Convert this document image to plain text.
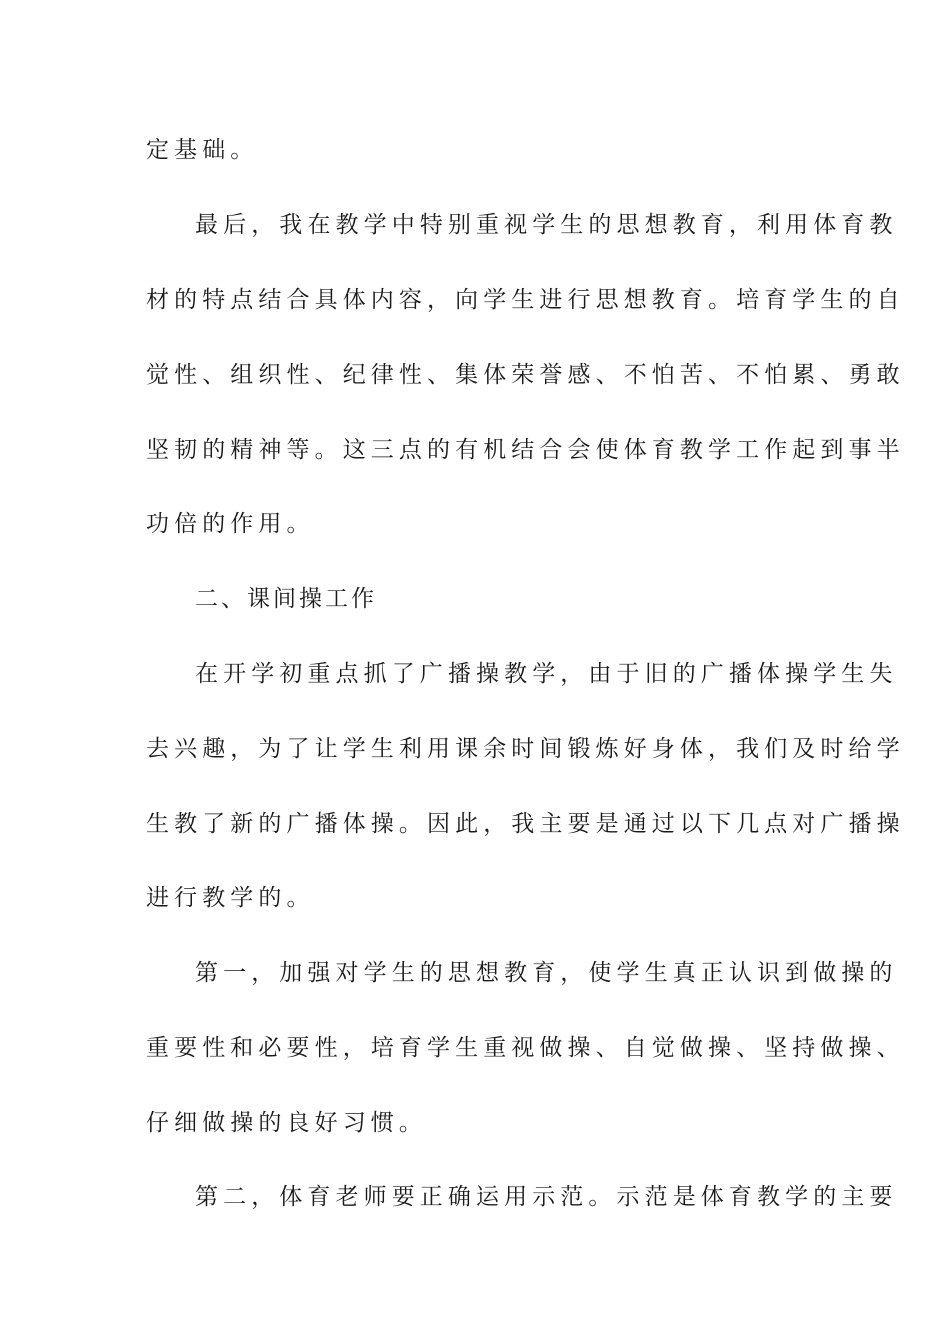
定基础。
最后，我在教学中特别重视学生的思想教育，利用体育教
材的特点结合具体内容，向学生进行思想教育。培育学生的自
觉性、组织性、纪律性、集体荣誉感、不怕苦、不怕累、勇敢
坚韧的精神等。这三点的有机结合会使体育教学工作起到事半
功倍的作用。
二、课间操工作
在开学初重点抓了广播操教学，由于旧的广播体操学生失
去兴趣，为了让学生利用课余时间锻炼好身体，我们及时给学
生教了新的广播体操。因此，我主要是通过以下几点对广播操
进行教学的。
第一，加强对学生的思想教育，使学生真正认识到做操的
重要性和必要性，培育学生重视做操、自觉做操、坚持做操、
仔细做操的良好习惯。
第二，体育老师要正确运用示范。示范是体育教学的主要
